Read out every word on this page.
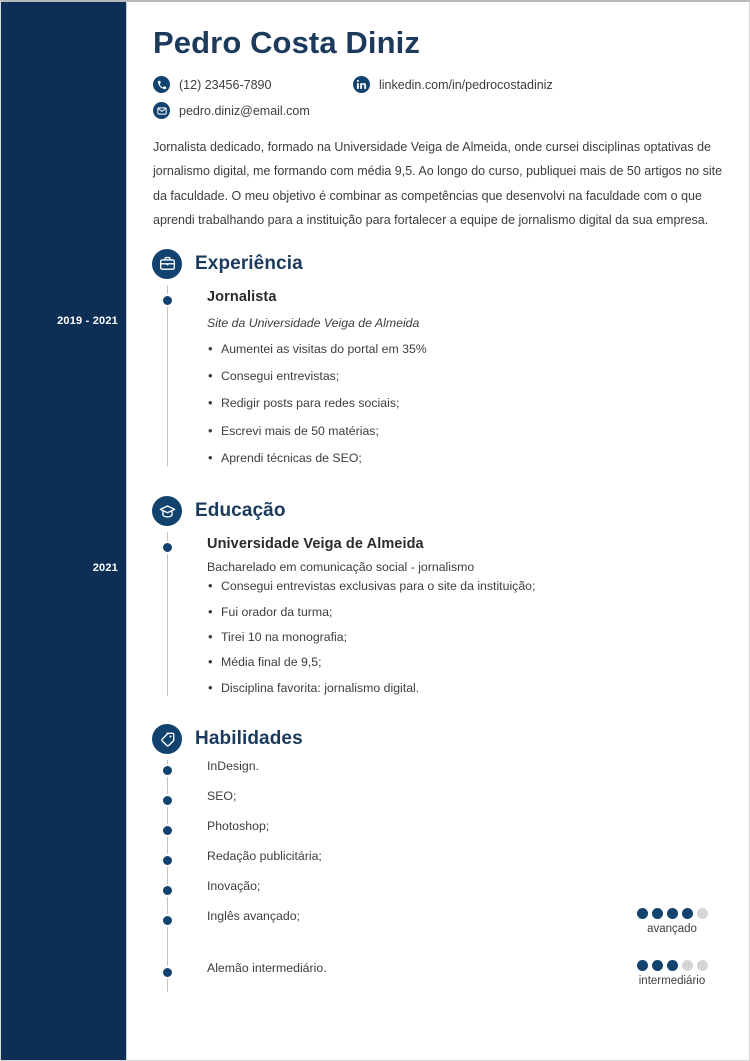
2019 - 2021
2021
Pedro Costa Diniz
(12) 23456-7890	linkedin.com/in/pedrocostadiniz
pedro.diniz@email.com

Jornalista dedicado, formado na Universidade Veiga de Almeida, onde cursei disciplinas optativas de jornalismo digital, me formando com média 9,5. Ao longo do curso, publiquei mais de 50 artigos no site da faculdade. O meu objetivo é combinar as competências que desenvolvi na faculdade com o que aprendi trabalhando para a instituição para fortalecer a equipe de jornalismo digital da sua empresa.

Experiência
Jornalista
Site da Universidade Veiga de Almeida
• Aumentei as visitas do portal em 35%
• Consegui entrevistas;
• Redigir posts para redes sociais;
• Escrevi mais de 50 matérias;
• Aprendi técnicas de SEO;
Educação
Universidade Veiga de Almeida
Bacharelado em comunicação social - jornalismo
• Consegui entrevistas exclusivas para o site da instituição;
• Fui orador da turma;
• Tirei 10 na monografia;
• Média final de 9,5;
• Disciplina favorita: jornalismo digital.
Habilidades
InDesign.
SEO;
Photoshop;
Redação publicitária;
Inovação;
Inglês avançado;
avançado
Alemão intermediário.
intermediário
